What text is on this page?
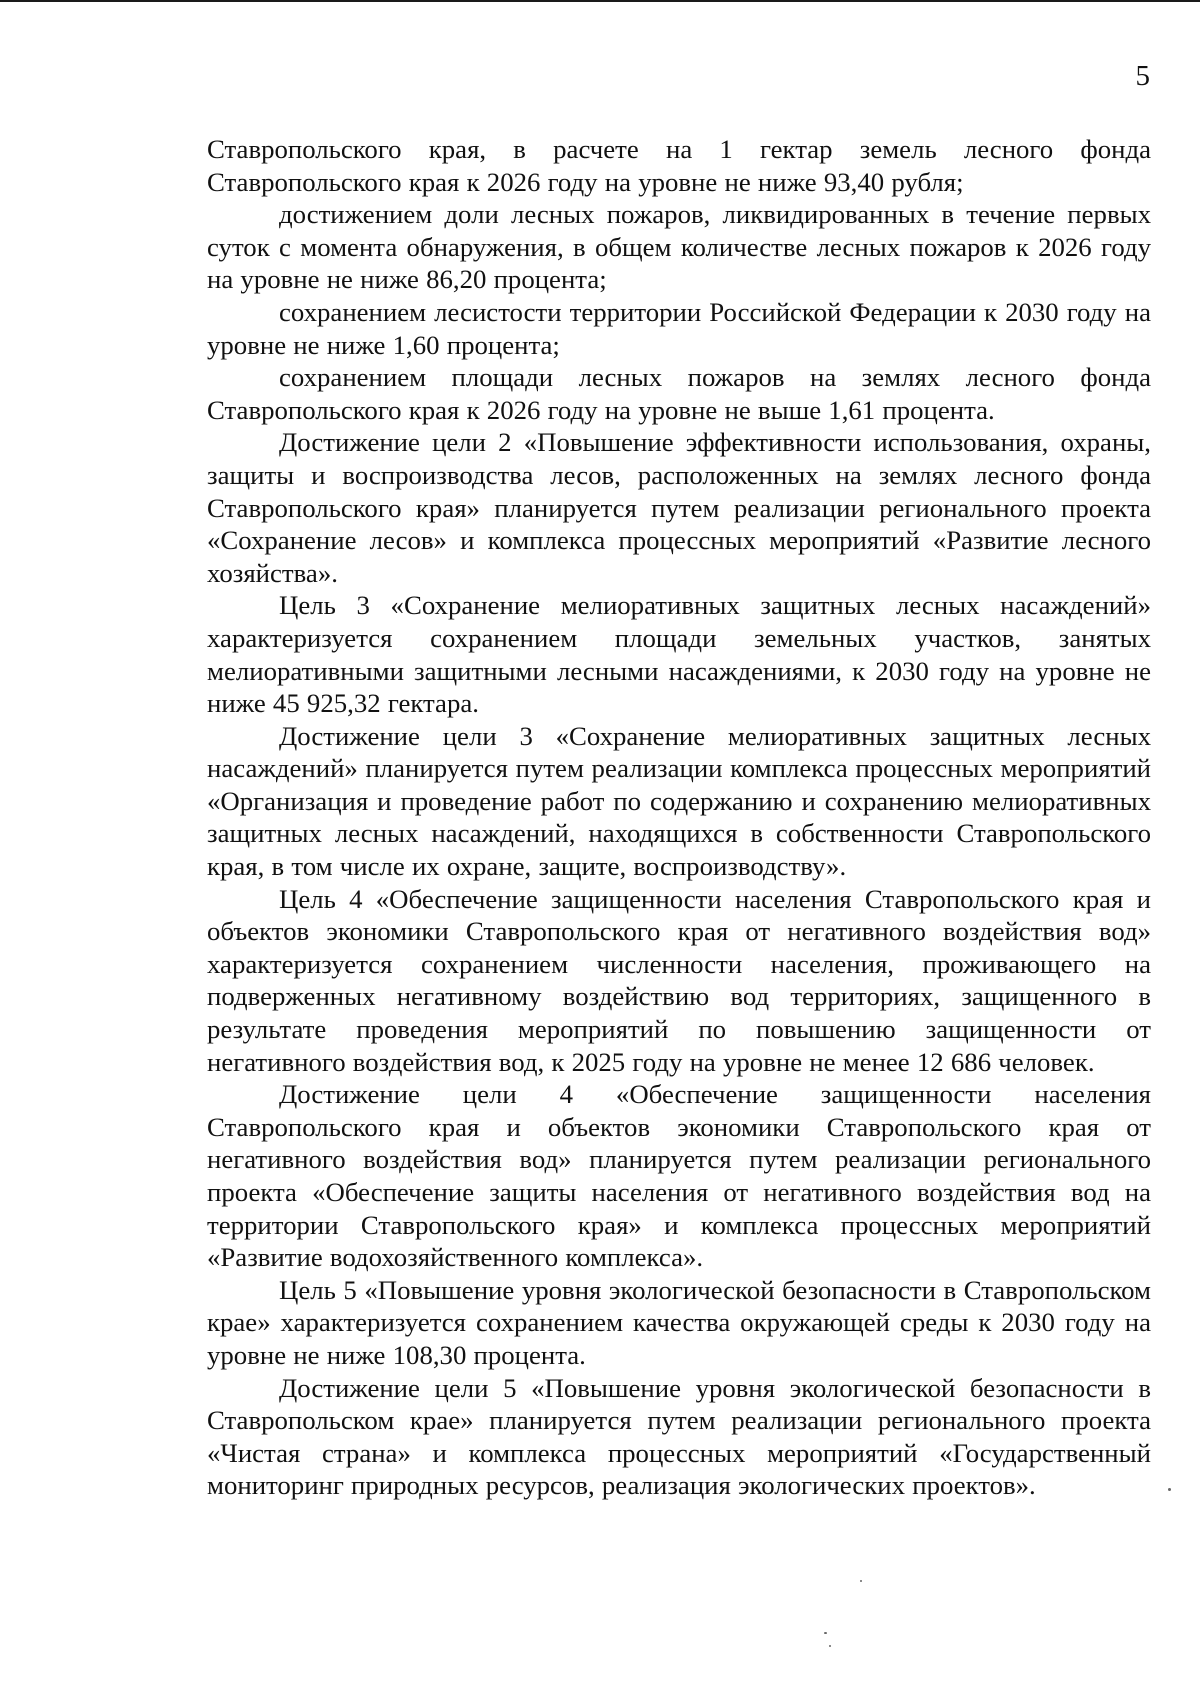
5

Ставропольского края, в расчете на 1 гектар земель лесного фонда Ставропольского края к 2026 году на уровне не ниже 93,40 рубля;

достижением доли лесных пожаров, ликвидированных в течение первых суток с момента обнаружения, в общем количестве лесных пожаров к 2026 году на уровне не ниже 86,20 процента;

сохранением лесистости территории Российской Федерации к 2030 году на уровне не ниже 1,60 процента;

сохранением площади лесных пожаров на землях лесного фонда Ставропольского края к 2026 году на уровне не выше 1,61 процента.

Достижение цели 2 «Повышение эффективности использования, охраны, защиты и воспроизводства лесов, расположенных на землях лесного фонда Ставропольского края» планируется путем реализации регионального проекта «Сохранение лесов» и комплекса процессных мероприятий «Развитие лесного хозяйства».

Цель 3 «Сохранение мелиоративных защитных лесных насаждений» характеризуется сохранением площади земельных участков, занятых мелиоративными защитными лесными насаждениями, к 2030 году на уровне не ниже 45 925,32 гектара.

Достижение цели 3 «Сохранение мелиоративных защитных лесных насаждений» планируется путем реализации комплекса процессных мероприятий «Организация и проведение работ по содержанию и сохранению мелиоративных защитных лесных насаждений, находящихся в собственности Ставропольского края, в том числе их охране, защите, воспроизводству».

Цель 4 «Обеспечение защищенности населения Ставропольского края и объектов экономики Ставропольского края от негативного воздействия вод» характеризуется сохранением численности населения, проживающего на подверженных негативному воздействию вод территориях, защищенного в результате проведения мероприятий по повышению защищенности от негативного воздействия вод, к 2025 году на уровне не менее 12 686 человек.

Достижение цели 4 «Обеспечение защищенности населения Ставропольского края и объектов экономики Ставропольского края от негативного воздействия вод» планируется путем реализации регионального проекта «Обеспечение защиты населения от негативного воздействия вод на территории Ставропольского края» и комплекса процессных мероприятий «Развитие водохозяйственного комплекса».

Цель 5 «Повышение уровня экологической безопасности в Ставропольском крае» характеризуется сохранением качества окружающей среды к 2030 году на уровне не ниже 108,30 процента.

Достижение цели 5 «Повышение уровня экологической безопасности в Ставропольском крае» планируется путем реализации регионального проекта «Чистая страна» и комплекса процессных мероприятий «Государственный мониторинг природных ресурсов, реализация экологических проектов».
